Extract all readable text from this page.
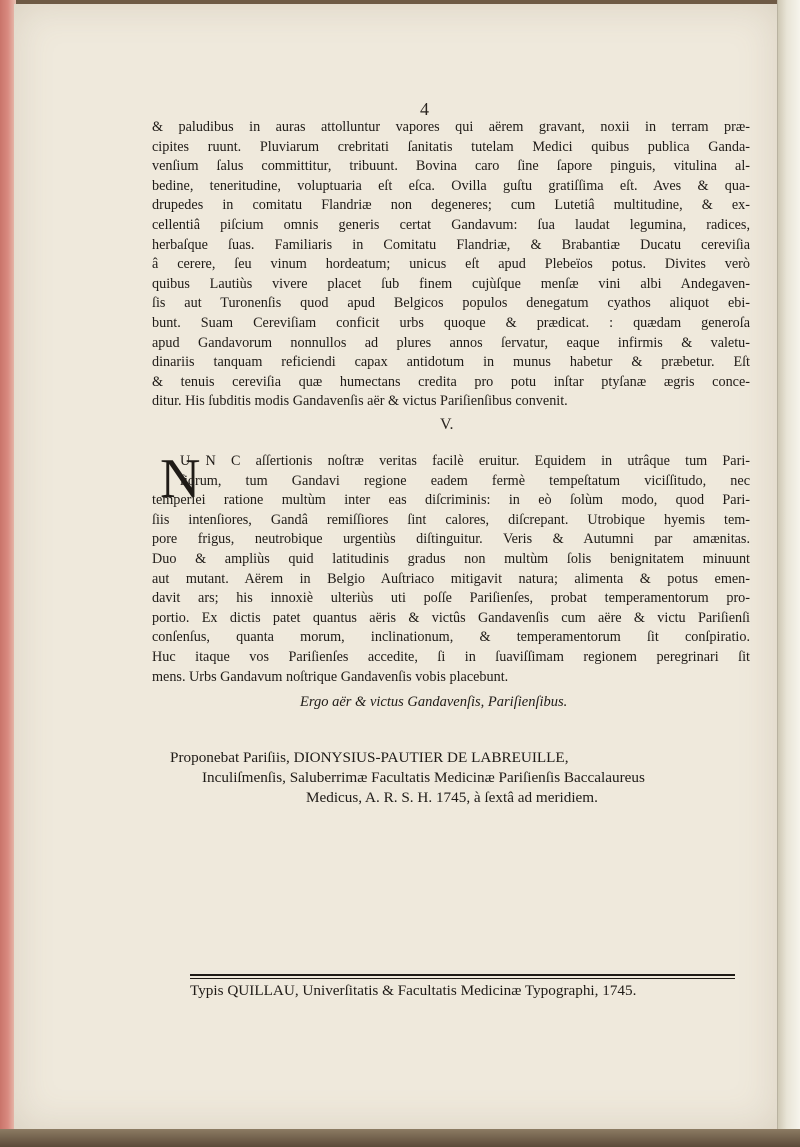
4
& paludibus in auras attolluntur vapores qui aërem gravant, noxii in terram præ-
cipites ruunt. Pluviarum crebritati ſanitatis tutelam Medici quibus publica Ganda-
venſium ſalus committitur, tribuunt. Bovina caro ſine ſapore pinguis, vitulina al-
bedine, teneritudine, voluptuaria eſt eſca. Ovilla guſtu gratiſſima eſt. Aves & qua-
drupedes in comitatu Flandriæ non degeneres; cum Lutetiâ multitudine, & ex-
cellentiâ piſcium omnis generis certat Gandavum: ſua laudat legumina, radices,
herbaſque ſuas. Familiaris in Comitatu Flandriæ, & Brabantiæ Ducatu cereviſia
â cerere, ſeu vinum hordeatum; unicus eſt apud Plebeïos potus. Divites verò
quibus Lautiùs vivere placet ſub finem cujùſque menſæ vini albi Andegaven-
ſis aut Turonenſis quod apud Belgicos populos denegatum cyathos aliquot ebi-
bunt. Suam Cereviſiam conficit urbs quoque & prædicat. : quædam generoſa
apud Gandavorum nonnullos ad plures annos ſervatur, eaque infirmis & valetu-
dinariis tanquam reficiendi capax antidotum in munus habetur & præbetur. Eſt
& tenuis cereviſia quæ humectans credita pro potu inſtar ptyſanæ ægris conce-
ditur. His ſubditis modis Gandavenſis aër & victus Pariſienſibus convenit.
V.
N
U N C aſſertionis noſtræ veritas facilè eruitur. Equidem in utrâque tum Pari-
ſiorum, tum Gandavi regione eadem fermè tempeſtatum viciſſitudo, nec
temperiei ratione multùm inter eas diſcriminis: in eò ſolùm modo, quod Pari-
ſiis intenſiores, Gandâ remiſſiores ſint calores, diſcrepant. Utrobique hyemis tem-
pore frigus, neutrobique urgentiùs diſtinguitur. Veris & Autumni par amænitas.
Duo & ampliùs quid latitudinis gradus non multùm ſolis benignitatem minuunt
aut mutant. Aërem in Belgio Auſtriaco mitigavit natura; alimenta & potus emen-
davit ars; his innoxiè ulteriùs uti poſſe Pariſienſes, probat temperamentorum pro-
portio. Ex dictis patet quantus aëris & victûs Gandavenſis cum aëre & victu Pariſienſi
conſenſus, quanta morum, inclinationum, & temperamentorum ſit conſpiratio.
Huc itaque vos Pariſienſes accedite, ſi in ſuaviſſimam regionem peregrinari ſit
mens. Urbs Gandavum noſtrique Gandavenſis vobis placebunt.
Ergo aër & victus Gandavenſis, Pariſienſibus.
Proponebat Pariſiis, DIONYSIUS-PAUTIER DE LABREUILLE,
Inculiſmenſis, Saluberrimæ Facultatis Medicinæ Pariſienſis Baccalaureus
Medicus, A. R. S. H. 1745, à ſextâ ad meridiem.
Typis QUILLAU, Univerſitatis & Facultatis Medicinæ Typographi, 1745.
